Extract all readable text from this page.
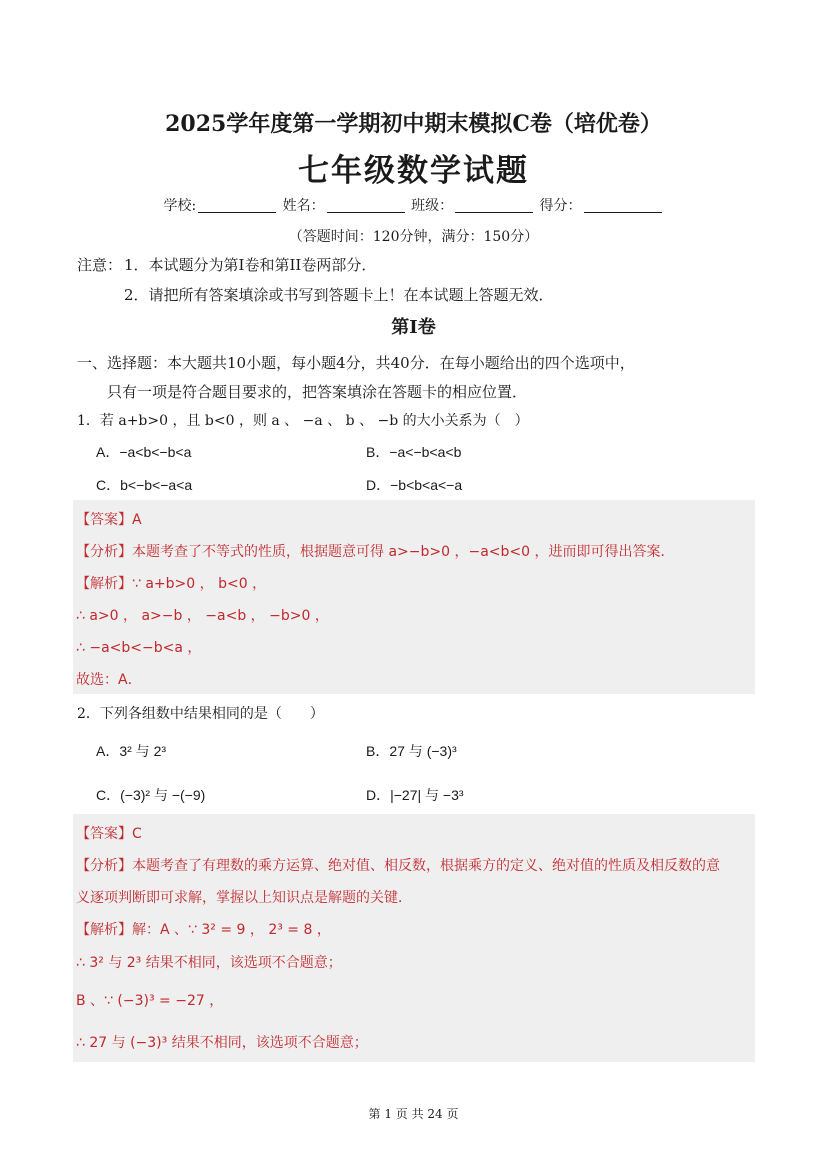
2025学年度第一学期初中期末模拟C卷（培优卷）
七年级数学试题
学校:	姓名：	班级：	得分：
（答题时间：120分钟，满分：150分）
注意： 1．本试题分为第I卷和第II卷两部分．
2．请把所有答案填涂或书写到答题卡上！在本试题上答题无效．
第I卷
一、选择题：本大题共10小题，每小题4分，共40分．在每小题给出的四个选项中，
只有一项是符合题目要求的，把答案填涂在答题卡的相应位置．
1．若 a+b>0 ，且 b<0 ，则 a 、 −a 、 b 、 −b 的大小关系为（　）
A．−a<b<−b<a	B．−a<−b<a<b
C．b<−b<−a<a	D．−b<b<a<−a
【答案】A
【分析】本题考查了不等式的性质，根据题意可得 a>−b>0 ，−a<b<0 ，进而即可得出答案．
【解析】∵ a+b>0 ， b<0 ，
∴ a>0 ， a>−b ， −a<b ， −b>0 ，
∴ −a<b<−b<a ，
故选：A．
2．下列各组数中结果相同的是（　　）
A．3² 与 2³	B．27 与 (−3)³
C．(−3)² 与 −(−9)	D．|−27| 与 −3³
【答案】C
【分析】本题考查了有理数的乘方运算、绝对值、相反数，根据乘方的定义、绝对值的性质及相反数的意
义逐项判断即可求解，掌握以上知识点是解题的关键．
【解析】解：A 、∵ 3² = 9 ， 2³ = 8 ，
∴ 3² 与 2³ 结果不相同，该选项不合题意；
B 、∵ (−3)³ = −27 ，
∴ 27 与 (−3)³ 结果不相同，该选项不合题意；
第 1 页 共 24 页
